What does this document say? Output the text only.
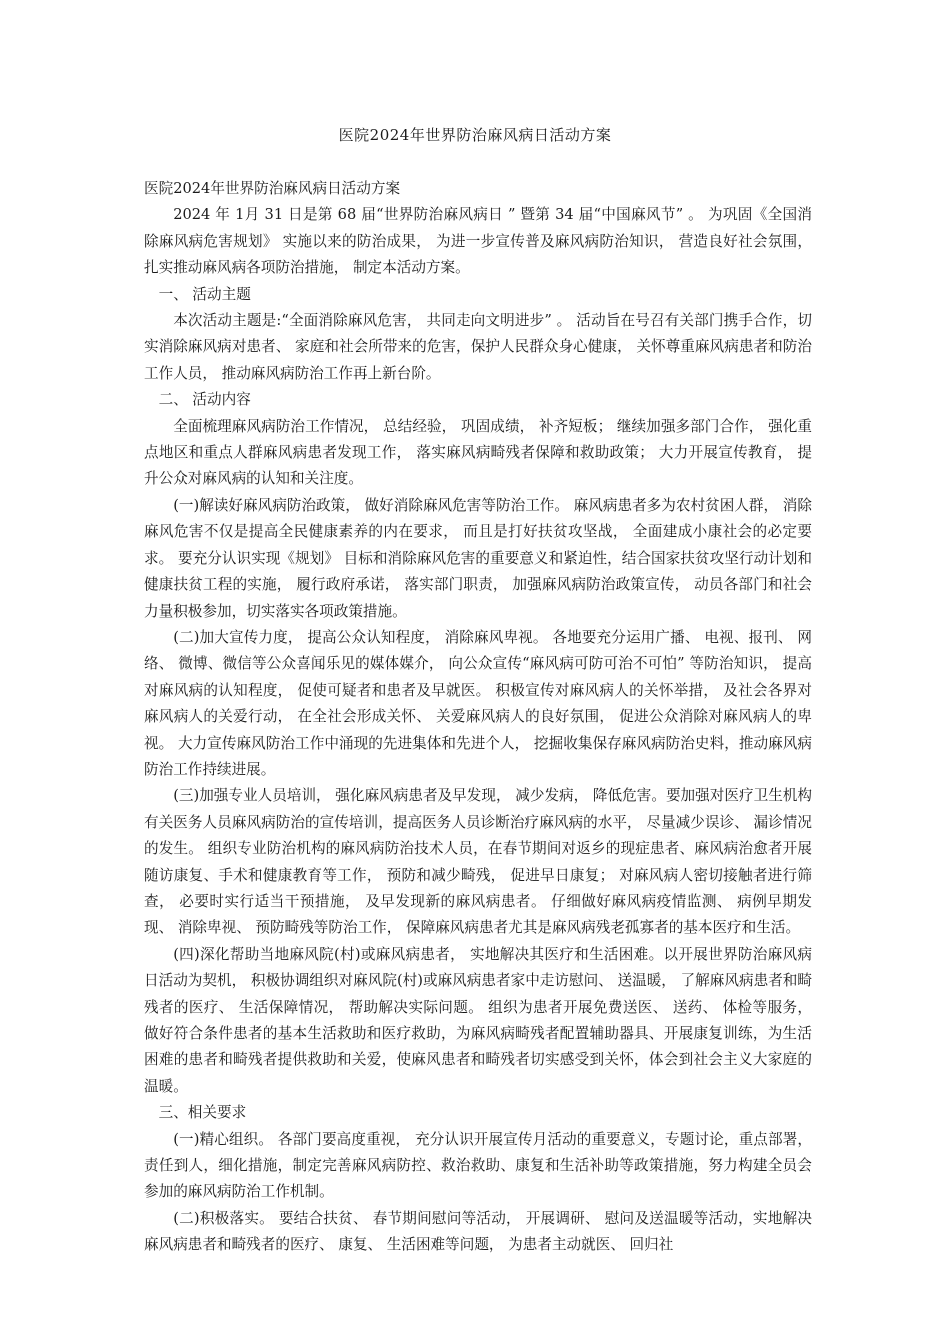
医院2024年世界防治麻风病日活动方案

医院2024年世界防治麻风病日活动方案

2024 年 1月 31 日是第 68 届“世界防治麻风病日 ” 暨第 34 届“中国麻风节” 。 为巩固《全国消除麻风病危害规划》 实施以来的防治成果， 为进一步宣传普及麻风病防治知识， 营造良好社会氛围， 扎实推动麻风病各项防治措施， 制定本活动方案。

一、 活动主题

本次活动主题是:“全面消除麻风危害， 共同走向文明进步” 。 活动旨在号召有关部门携手合作，切实消除麻风病对患者、 家庭和社会所带来的危害，保护人民群众身心健康， 关怀尊重麻风病患者和防治工作人员， 推动麻风病防治工作再上新台阶。

二、 活动内容

全面梳理麻风病防治工作情况， 总结经验， 巩固成绩， 补齐短板； 继续加强多部门合作， 强化重点地区和重点人群麻风病患者发现工作， 落实麻风病畸残者保障和救助政策； 大力开展宣传教育， 提升公众对麻风病的认知和关注度。

(一)解读好麻风病防治政策， 做好消除麻风危害等防治工作。 麻风病患者多为农村贫困人群， 消除麻风危害不仅是提高全民健康素养的内在要求， 而且是打好扶贫攻坚战， 全面建成小康社会的必定要求。 要充分认识实现《规划》 目标和消除麻风危害的重要意义和紧迫性，结合国家扶贫攻坚行动计划和健康扶贫工程的实施， 履行政府承诺， 落实部门职责， 加强麻风病防治政策宣传， 动员各部门和社会力量积极参加，切实落实各项政策措施。

(二)加大宣传力度， 提高公众认知程度， 消除麻风卑视。 各地要充分运用广播、 电视、报刊、 网络、 微博、微信等公众喜闻乐见的媒体媒介， 向公众宣传“麻风病可防可治不可怕” 等防治知识， 提高对麻风病的认知程度， 促使可疑者和患者及早就医。 积极宣传对麻风病人的关怀举措， 及社会各界对麻风病人的关爱行动， 在全社会形成关怀、 关爱麻风病人的良好氛围， 促进公众消除对麻风病人的卑视。 大力宣传麻风防治工作中涌现的先进集体和先进个人， 挖掘收集保存麻风病防治史料，推动麻风病防治工作持续进展。

(三)加强专业人员培训， 强化麻风病患者及早发现， 减少发病， 降低危害。要加强对医疗卫生机构有关医务人员麻风病防治的宣传培训，提高医务人员诊断治疗麻风病的水平， 尽量减少误诊、 漏诊情况的发生。 组织专业防治机构的麻风病防治技术人员，在春节期间对返乡的现症患者、麻风病治愈者开展随访康复、手术和健康教育等工作， 预防和减少畸残， 促进早日康复； 对麻风病人密切接触者进行筛查， 必要时实行适当干预措施， 及早发现新的麻风病患者。 仔细做好麻风病疫情监测、 病例早期发现、 消除卑视、 预防畸残等防治工作， 保障麻风病患者尤其是麻风病残老孤寡者的基本医疗和生活。

(四)深化帮助当地麻风院(村)或麻风病患者， 实地解决其医疗和生活困难。以开展世界防治麻风病日活动为契机， 积极协调组织对麻风院(村)或麻风病患者家中走访慰问、 送温暖， 了解麻风病患者和畸残者的医疗、 生活保障情况， 帮助解决实际问题。 组织为患者开展免费送医、 送药、 体检等服务， 做好符合条件患者的基本生活救助和医疗救助，为麻风病畸残者配置辅助器具、开展康复训练，为生活困难的患者和畸残者提供救助和关爱，使麻风患者和畸残者切实感受到关怀，体会到社会主义大家庭的温暖。

三、相关要求

(一)精心组织。 各部门要高度重视， 充分认识开展宣传月活动的重要意义，专题讨论，重点部署，责任到人，细化措施，制定完善麻风病防控、救治救助、康复和生活补助等政策措施，努力构建全员会参加的麻风病防治工作机制。

(二)积极落实。 要结合扶贫、 春节期间慰问等活动， 开展调研、 慰问及送温暖等活动，实地解决麻风病患者和畸残者的医疗、 康复、 生活困难等问题， 为患者主动就医、 回归社
